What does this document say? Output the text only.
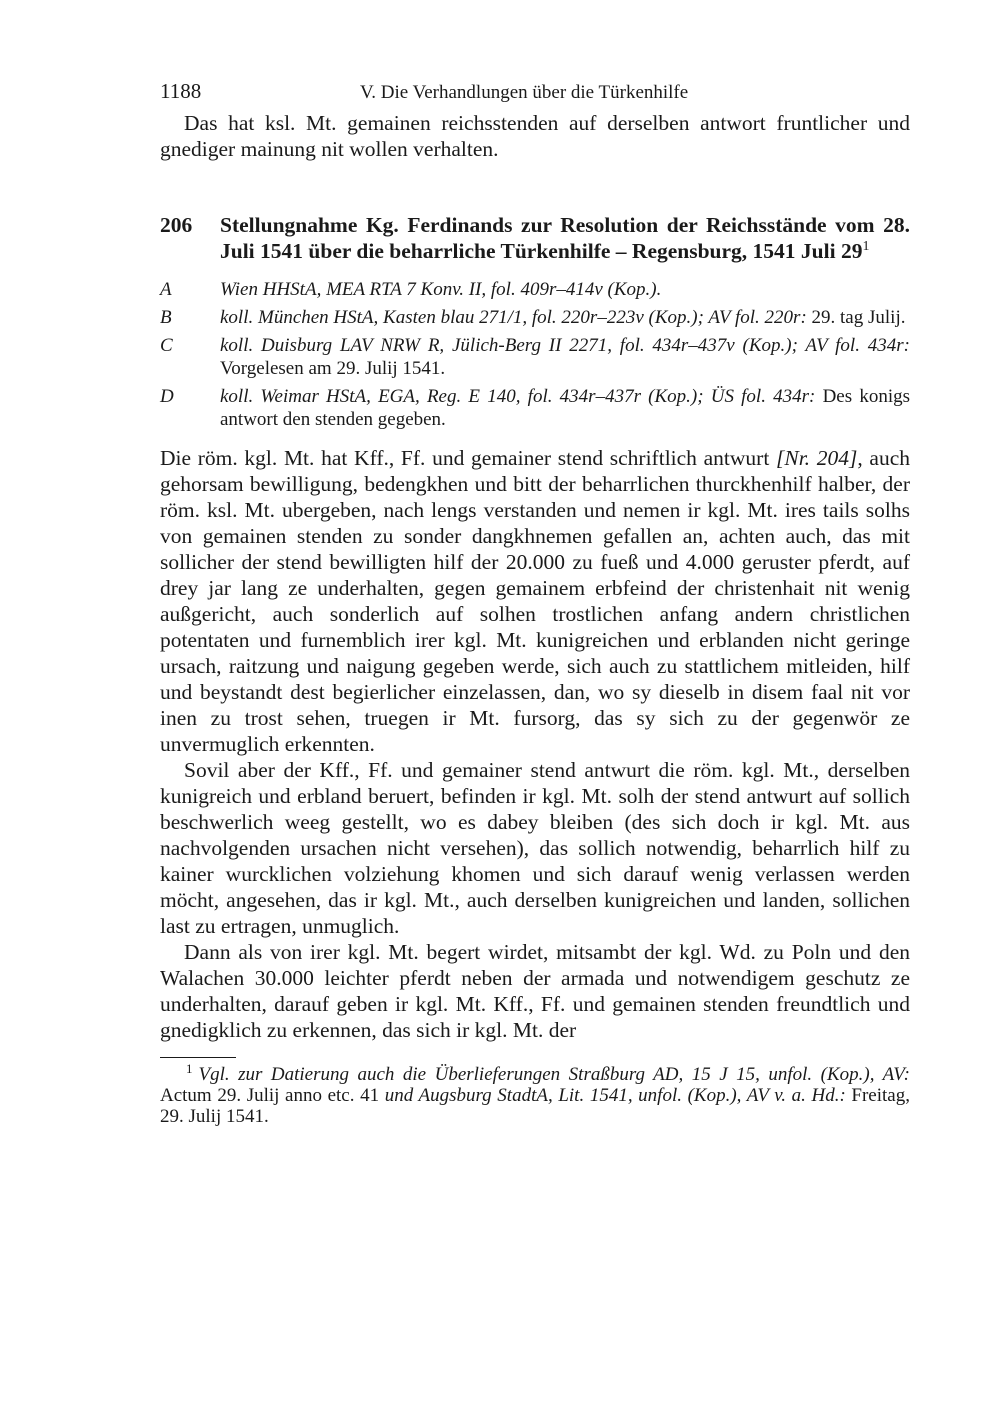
1188	V. Die Verhandlungen über die Türkenhilfe

Das hat ksl. Mt. gemainen reichsstenden auf derselben antwort fruntlicher und gnediger mainung nit wollen verhalten.

206	Stellungnahme Kg. Ferdinands zur Resolution der Reichsstände vom 28. Juli 1541 über die beharrliche Türkenhilfe – Regensburg, 1541 Juli $29^1$
A	Wien HHStA, MEA RTA 7 Konv. II, fol. 409r–414v (Kop.).
B	koll. München HStA, Kasten blau 271/1, fol. 220r–223v (Kop.); AV fol. 220r: 29. tag Julij.
C	koll. Duisburg LAV NRW R, Jülich-Berg II 2271, fol. 434r–437v (Kop.); AV fol. 434r: Vorgelesen am 29. Julij 1541.
D	koll. Weimar HStA, EGA, Reg. E 140, fol. 434r–437r (Kop.); ÜS fol. 434r: Des konigs antwort den stenden gegeben.

Die röm. kgl. Mt. hat Kff., Ff. und gemainer stend schriftlich antwurt [Nr. 204], auch gehorsam bewilligung, bedengkhen und bitt der beharrlichen thurckhenhilf halber, der röm. ksl. Mt. ubergeben, nach lengs verstanden und nemen ir kgl. Mt. ires tails solhs von gemainen stenden zu sonder dangkhnemen gefallen an, achten auch, das mit sollicher der stend bewilligten hilf der 20.000 zu fueß und 4.000 geruster pferdt, auf drey jar lang ze underhalten, gegen gemainem erbfeind der christenhait nit wenig außgericht, auch sonderlich auf solhen trostlichen anfang andern christlichen potentaten und furnemblich irer kgl. Mt. kunigreichen und erblanden nicht geringe ursach, raitzung und naigung gegeben werde, sich auch zu stattlichem mitleiden, hilf und beystandt dest begierlicher einzelassen, dan, wo sy dieselb in disem faal nit vor inen zu trost sehen, truegen ir Mt. fursorg, das sy sich zu der gegenwör ze unvermuglich erkennten.

Sovil aber der Kff., Ff. und gemainer stend antwurt die röm. kgl. Mt., derselben kunigreich und erbland beruert, befinden ir kgl. Mt. solh der stend antwurt auf sollich beschwerlich weeg gestellt, wo es dabey bleiben (des sich doch ir kgl. Mt. aus nachvolgenden ursachen nicht versehen), das sollich notwendig, beharrlich hilf zu kainer wurcklichen volziehung khomen und sich darauf wenig verlassen werden möcht, angesehen, das ir kgl. Mt., auch derselben kunigreichen und landen, sollichen last zu ertragen, unmuglich.

Dann als von irer kgl. Mt. begert wirdet, mitsambt der kgl. Wd. zu Poln und den Walachen 30.000 leichter pferdt neben der armada und notwendigem geschutz ze underhalten, darauf geben ir kgl. Mt. Kff., Ff. und gemainen stenden freundtlich und gnedigklich zu erkennen, das sich ir kgl. Mt. der

$^1$ Vgl. zur Datierung auch die Überlieferungen Straßburg AD, 15 J 15, unfol. (Kop.), AV: Actum 29. Julij anno etc. 41 und Augsburg StadtA, Lit. 1541, unfol. (Kop.), AV v. a. Hd.: Freitag, 29. Julij 1541.
